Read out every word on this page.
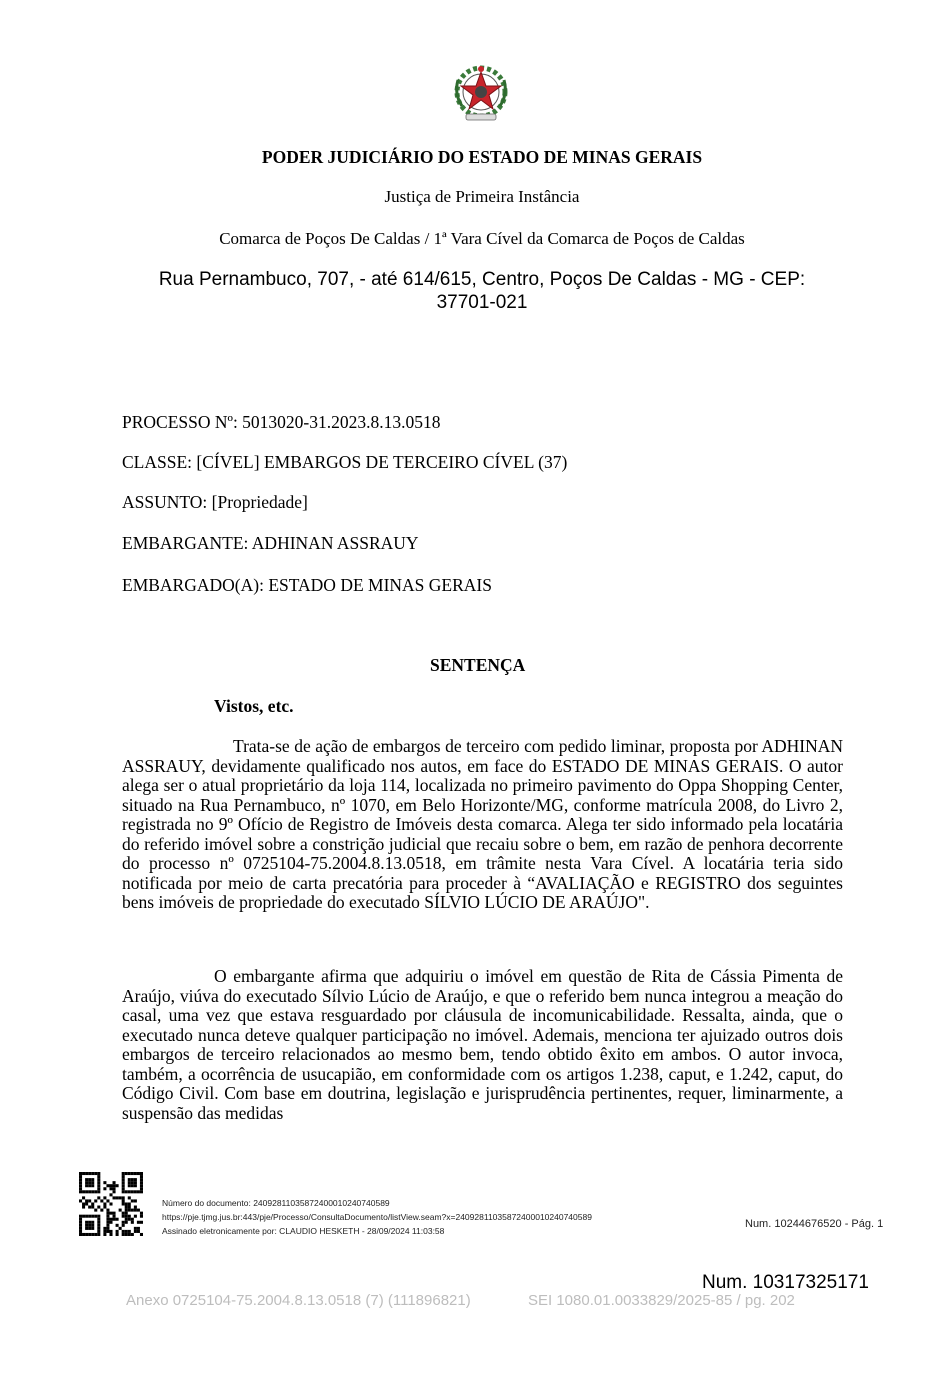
PODER JUDICIÁRIO DO ESTADO DE MINAS GERAIS
Justiça de Primeira Instância
Comarca de Poços De Caldas / 1ª Vara Cível da Comarca de Poços de Caldas
Rua Pernambuco, 707, - até 614/615, Centro, Poços De Caldas - MG - CEP: 37701-021
PROCESSO Nº: 5013020-31.2023.8.13.0518
CLASSE: [CÍVEL] EMBARGOS DE TERCEIRO CÍVEL (37)
ASSUNTO: [Propriedade]
EMBARGANTE: ADHINAN ASSRAUY
EMBARGADO(A): ESTADO DE MINAS GERAIS
SENTENÇA
Vistos, etc.

Trata-se de ação de embargos de terceiro com pedido liminar, proposta por ADHINAN ASSRAUY, devidamente qualificado nos autos, em face do ESTADO DE MINAS GERAIS. O autor alega ser o atual proprietário da loja 114, localizada no primeiro pavimento do Oppa Shopping Center, situado na Rua Pernambuco, nº 1070, em Belo Horizonte/MG, conforme matrícula 2008, do Livro 2, registrada no 9º Ofício de Registro de Imóveis desta comarca. Alega ter sido informado pela locatária do referido imóvel sobre a constrição judicial que recaiu sobre o bem, em razão de penhora decorrente do processo nº 0725104-75.2004.8.13.0518, em trâmite nesta Vara Cível. A locatária teria sido notificada por meio de carta precatória para proceder à “AVALIAÇÃO e REGISTRO dos seguintes bens imóveis de propriedade do executado SÍLVIO LÚCIO DE ARAÚJO".

O embargante afirma que adquiriu o imóvel em questão de Rita de Cássia Pimenta de Araújo, viúva do executado Sílvio Lúcio de Araújo, e que o referido bem nunca integrou a meação do casal, uma vez que estava resguardado por cláusula de incomunicabilidade. Ressalta, ainda, que o executado nunca deteve qualquer participação no imóvel. Ademais, menciona ter ajuizado outros dois embargos de terceiro relacionados ao mesmo bem, tendo obtido êxito em ambos. O autor invoca, também, a ocorrência de usucapião, em conformidade com os artigos 1.238, caput, e 1.242, caput, do Código Civil. Com base em doutrina, legislação e jurisprudência pertinentes, requer, liminarmente, a suspensão das medidas

Número do documento: 24092811035872400010240740589
https://pje.tjmg.jus.br:443/pje/Processo/ConsultaDocumento/listView.seam?x=24092811035872400010240740589
Assinado eletronicamente por: CLAUDIO HESKETH - 28/09/2024 11:03:58
Num. 10244676520 - Pág. 1
Num. 10317325171
Anexo 0725104-75.2004.8.13.0518 (7) (111896821)	SEI 1080.01.0033829/2025-85 / pg. 202
